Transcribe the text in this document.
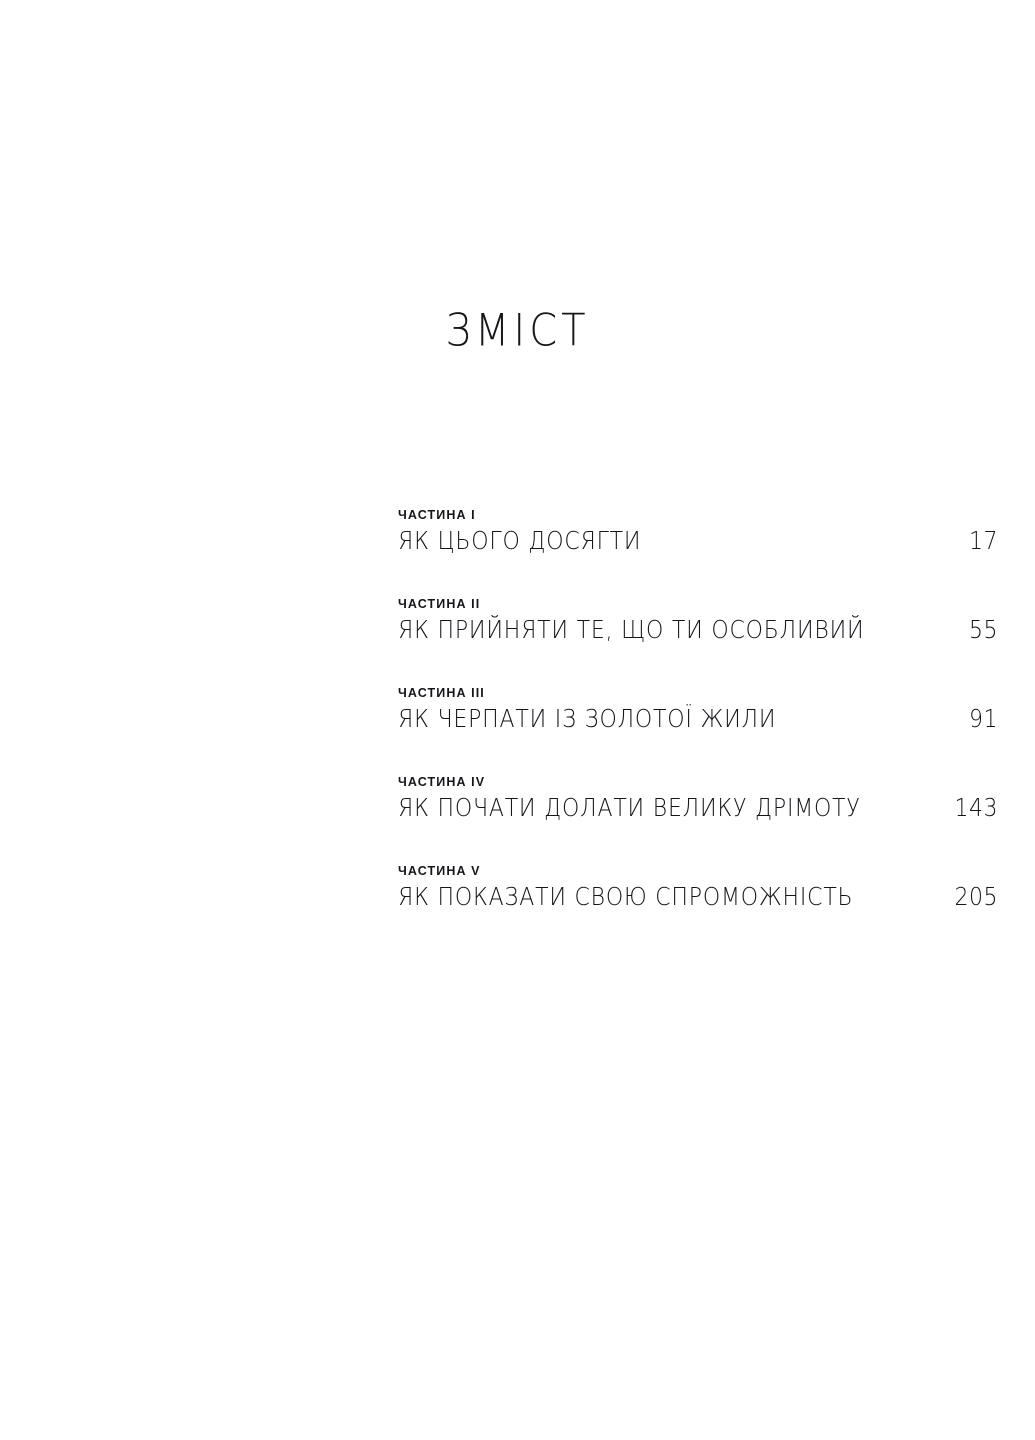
ЗМІСТ
ЧАСТИНА I
ЯК ЦЬОГО ДОСЯГТИ	17
ЧАСТИНА II
ЯК ПРИЙНЯТИ ТЕ, ЩО ТИ ОСОБЛИВИЙ	55
ЧАСТИНА III
ЯК ЧЕРПАТИ ІЗ ЗОЛОТОЇ ЖИЛИ	91
ЧАСТИНА IV
ЯК ПОЧАТИ ДОЛАТИ ВЕЛИКУ ДРІМОТУ	143
ЧАСТИНА V
ЯК ПОКАЗАТИ СВОЮ СПРОМОЖНІСТЬ	205
